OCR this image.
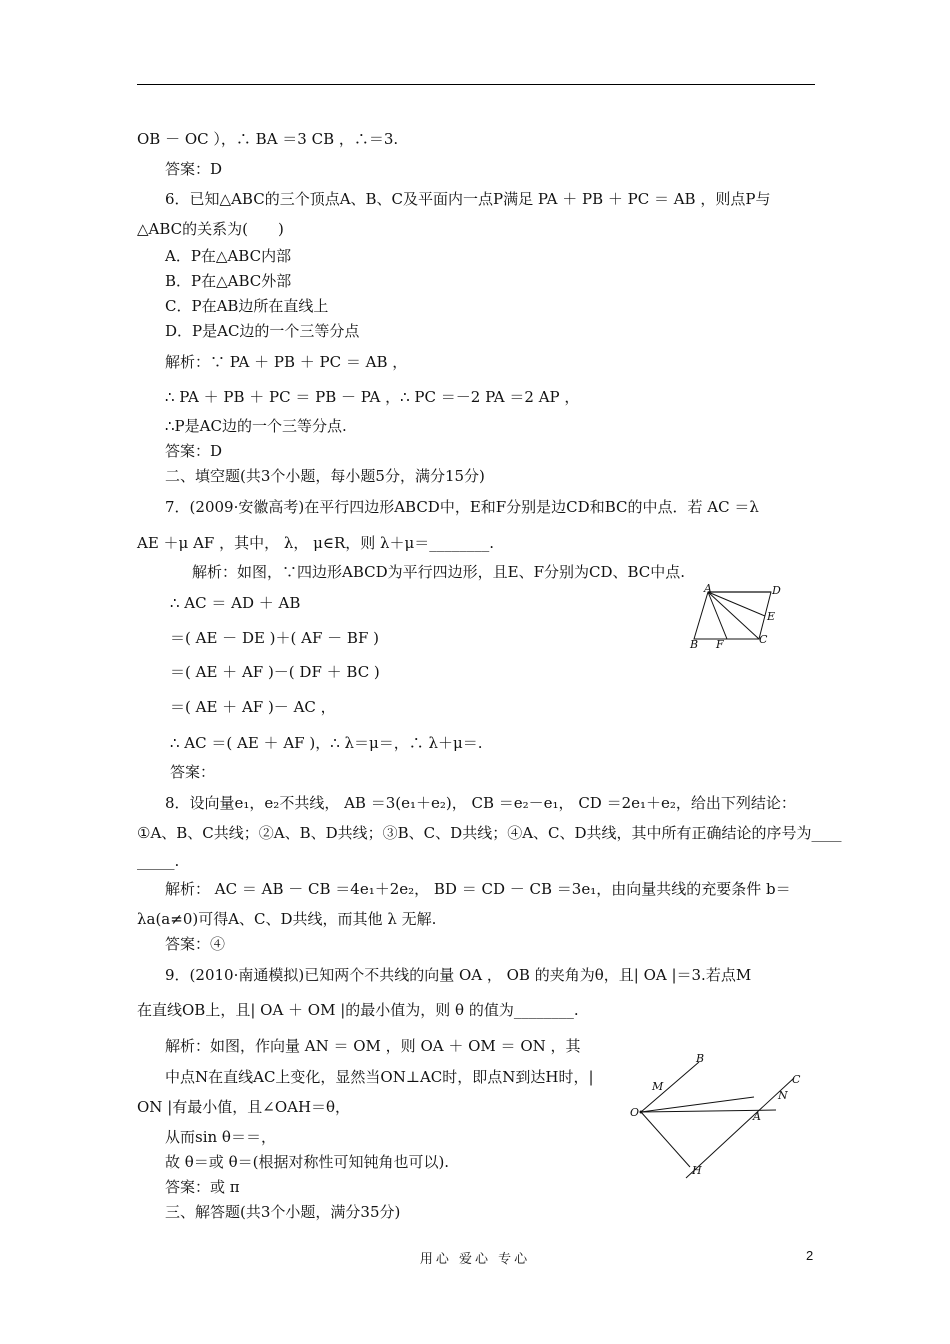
OB － OC ），∴ BA ＝3 CB ，∴＝3.
答案：D
6．已知△ABC的三个顶点A、B、C及平面内一点P满足 PA ＋ PB ＋ PC ＝ AB ，则点P与
△ABC的关系为(　　)
A．P在△ABC内部
B．P在△ABC外部
C．P在AB边所在直线上
D．P是AC边的一个三等分点
解析：∵ PA ＋ PB ＋ PC ＝ AB ，
∴ PA ＋ PB ＋ PC ＝ PB － PA ，∴ PC ＝－2 PA ＝2 AP ，
∴P是AC边的一个三等分点.
答案：D
二、填空题(共3个小题，每小题5分，满分15分)
7．(2009·安徽高考)在平行四边形ABCD中，E和F分别是边CD和BC的中点．若 AC ＝λ
AE ＋μ AF ，其中， λ， μ∈R，则 λ＋μ＝________.
解析：如图，∵四边形ABCD为平行四边形，且E、F分别为CD、BC中点.
∴ AC ＝ AD ＋ AB
＝( AE － DE )＋( AF － BF )
＝( AE ＋ AF )－( DF ＋ BC )
＝( AE ＋ AF )－ AC ，
∴ AC ＝( AE ＋ AF )，∴ λ＝μ＝，∴ λ＋μ＝.
答案：
A	D
E
C
B F
8．设向量e₁，e₂不共线， AB ＝3(e₁＋e₂)， CB ＝e₂－e₁， CD ＝2e₁＋e₂，给出下列结论：
①A、B、C共线；②A、B、D共线；③B、C、D共线；④A、C、D共线，其中所有正确结论的序号为____
_____.
解析： AC ＝ AB － CB ＝4e₁＋2e₂， BD ＝ CD － CB ＝3e₁，由向量共线的充要条件 b＝
λa(a≠0)可得A、C、D共线，而其他 λ 无解.
答案：④
9．(2010·南通模拟)已知两个不共线的向量 OA ， OB 的夹角为θ，且| OA |＝3.若点M
在直线OB上，且| OA ＋ OM |的最小值为，则 θ 的值为________.
解析：如图，作向量 AN ＝ OM ，则 OA ＋ OM ＝ ON ，其
中点N在直线AC上变化，显然当ON⊥AC时，即点N到达H时，|
ON |有最小值，且∠OAH＝θ，
从而sin θ＝＝，
故 θ＝或 θ＝(根据对称性可知钝角也可以).
答案：或 π
B
M
O	A
N
C
H
三、解答题(共3个小题，满分35分)
用心 爱心 专心	2
